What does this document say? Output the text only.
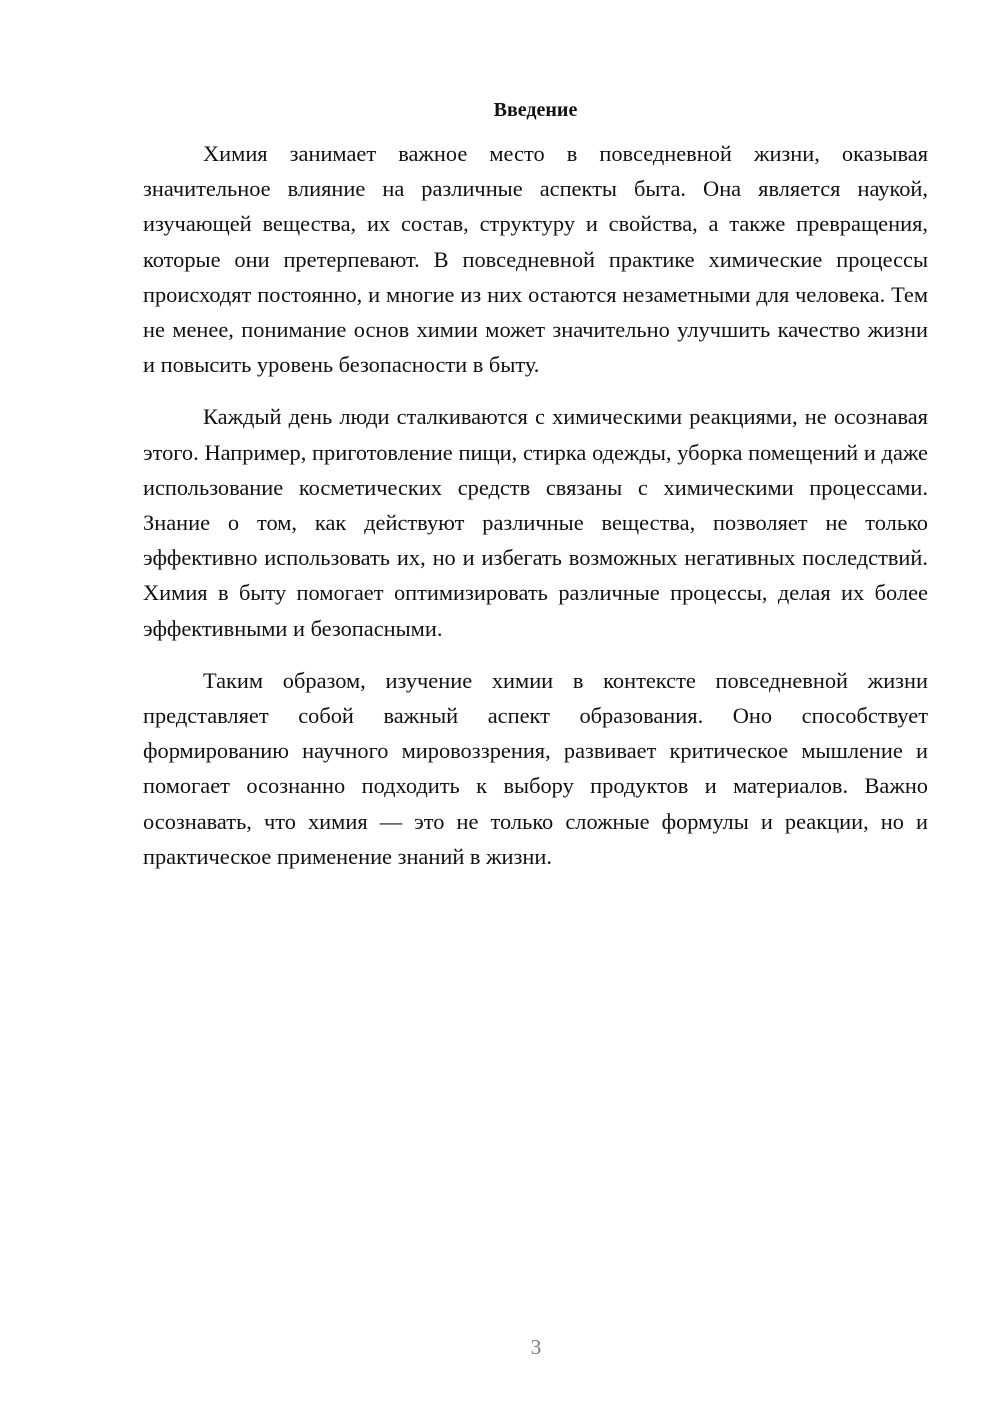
Введение

Химия занимает важное место в повседневной жизни, оказывая значительное влияние на различные аспекты быта. Она является наукой, изучающей вещества, их состав, структуру и свойства, а также превращения, которые они претерпевают. В повседневной практике химические процессы происходят постоянно, и многие из них остаются незаметными для человека. Тем не менее, понимание основ химии может значительно улучшить качество жизни и повысить уровень безопасности в быту.

Каждый день люди сталкиваются с химическими реакциями, не осознавая этого. Например, приготовление пищи, стирка одежды, уборка помещений и даже использование косметических средств связаны с химическими процессами. Знание о том, как действуют различные вещества, позволяет не только эффективно использовать их, но и избегать возможных негативных последствий. Химия в быту помогает оптимизировать различные процессы, делая их более эффективными и безопасными.

Таким образом, изучение химии в контексте повседневной жизни представляет собой важный аспект образования. Оно способствует формированию научного мировоззрения, развивает критическое мышление и помогает осознанно подходить к выбору продуктов и материалов. Важно осознавать, что химия — это не только сложные формулы и реакции, но и практическое применение знаний в жизни.

3
